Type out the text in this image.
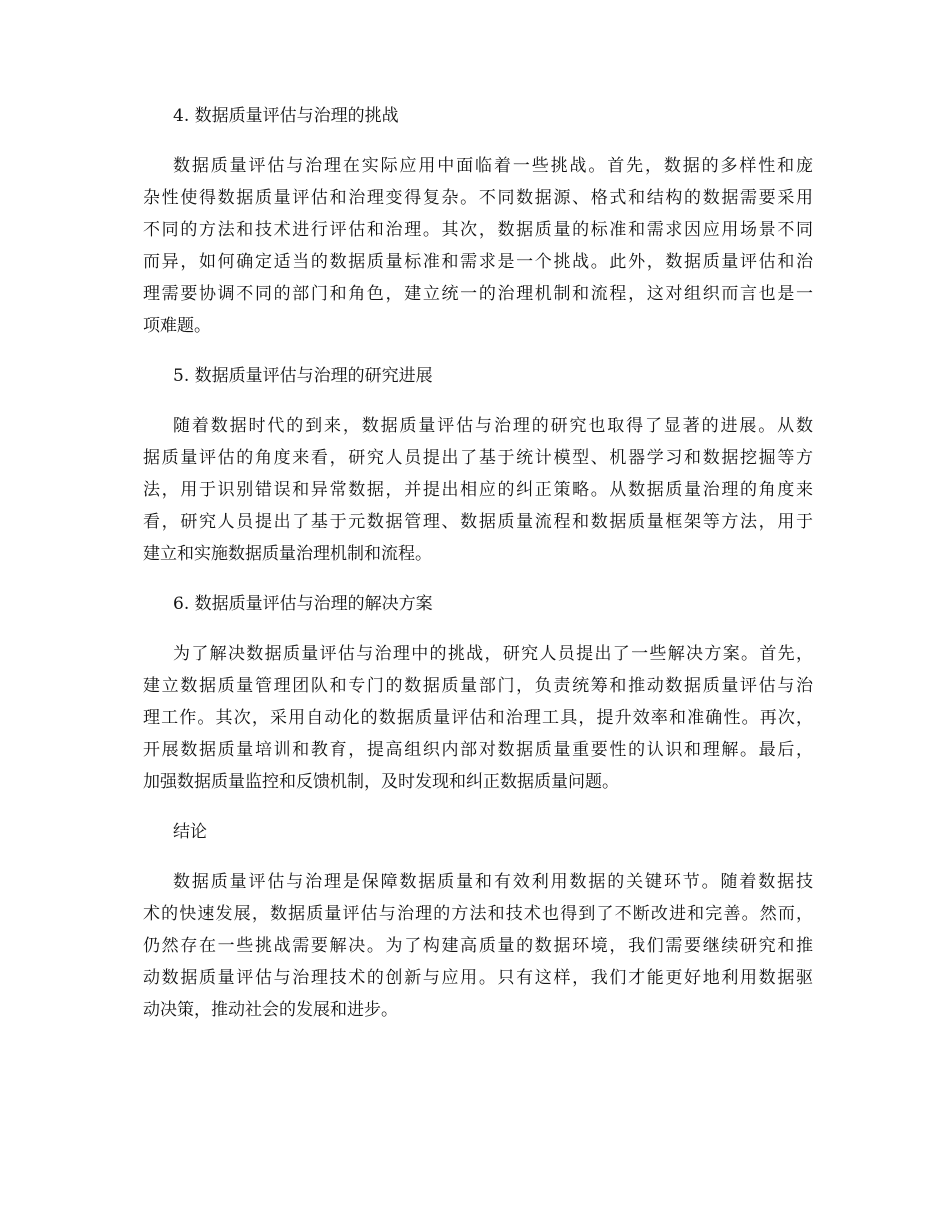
4. 数据质量评估与治理的挑战
数据质量评估与治理在实际应用中面临着一些挑战。首先，数据的多样性和庞
杂性使得数据质量评估和治理变得复杂。不同数据源、格式和结构的数据需要采用
不同的方法和技术进行评估和治理。其次，数据质量的标准和需求因应用场景不同
而异，如何确定适当的数据质量标准和需求是一个挑战。此外，数据质量评估和治
理需要协调不同的部门和角色，建立统一的治理机制和流程，这对组织而言也是一
项难题。
5. 数据质量评估与治理的研究进展
随着数据时代的到来，数据质量评估与治理的研究也取得了显著的进展。从数
据质量评估的角度来看，研究人员提出了基于统计模型、机器学习和数据挖掘等方
法，用于识别错误和异常数据，并提出相应的纠正策略。从数据质量治理的角度来
看，研究人员提出了基于元数据管理、数据质量流程和数据质量框架等方法，用于
建立和实施数据质量治理机制和流程。
6. 数据质量评估与治理的解决方案
为了解决数据质量评估与治理中的挑战，研究人员提出了一些解决方案。首先，
建立数据质量管理团队和专门的数据质量部门，负责统筹和推动数据质量评估与治
理工作。其次，采用自动化的数据质量评估和治理工具，提升效率和准确性。再次，
开展数据质量培训和教育，提高组织内部对数据质量重要性的认识和理解。最后，
加强数据质量监控和反馈机制，及时发现和纠正数据质量问题。
结论
数据质量评估与治理是保障数据质量和有效利用数据的关键环节。随着数据技
术的快速发展，数据质量评估与治理的方法和技术也得到了不断改进和完善。然而，
仍然存在一些挑战需要解决。为了构建高质量的数据环境，我们需要继续研究和推
动数据质量评估与治理技术的创新与应用。只有这样，我们才能更好地利用数据驱
动决策，推动社会的发展和进步。
